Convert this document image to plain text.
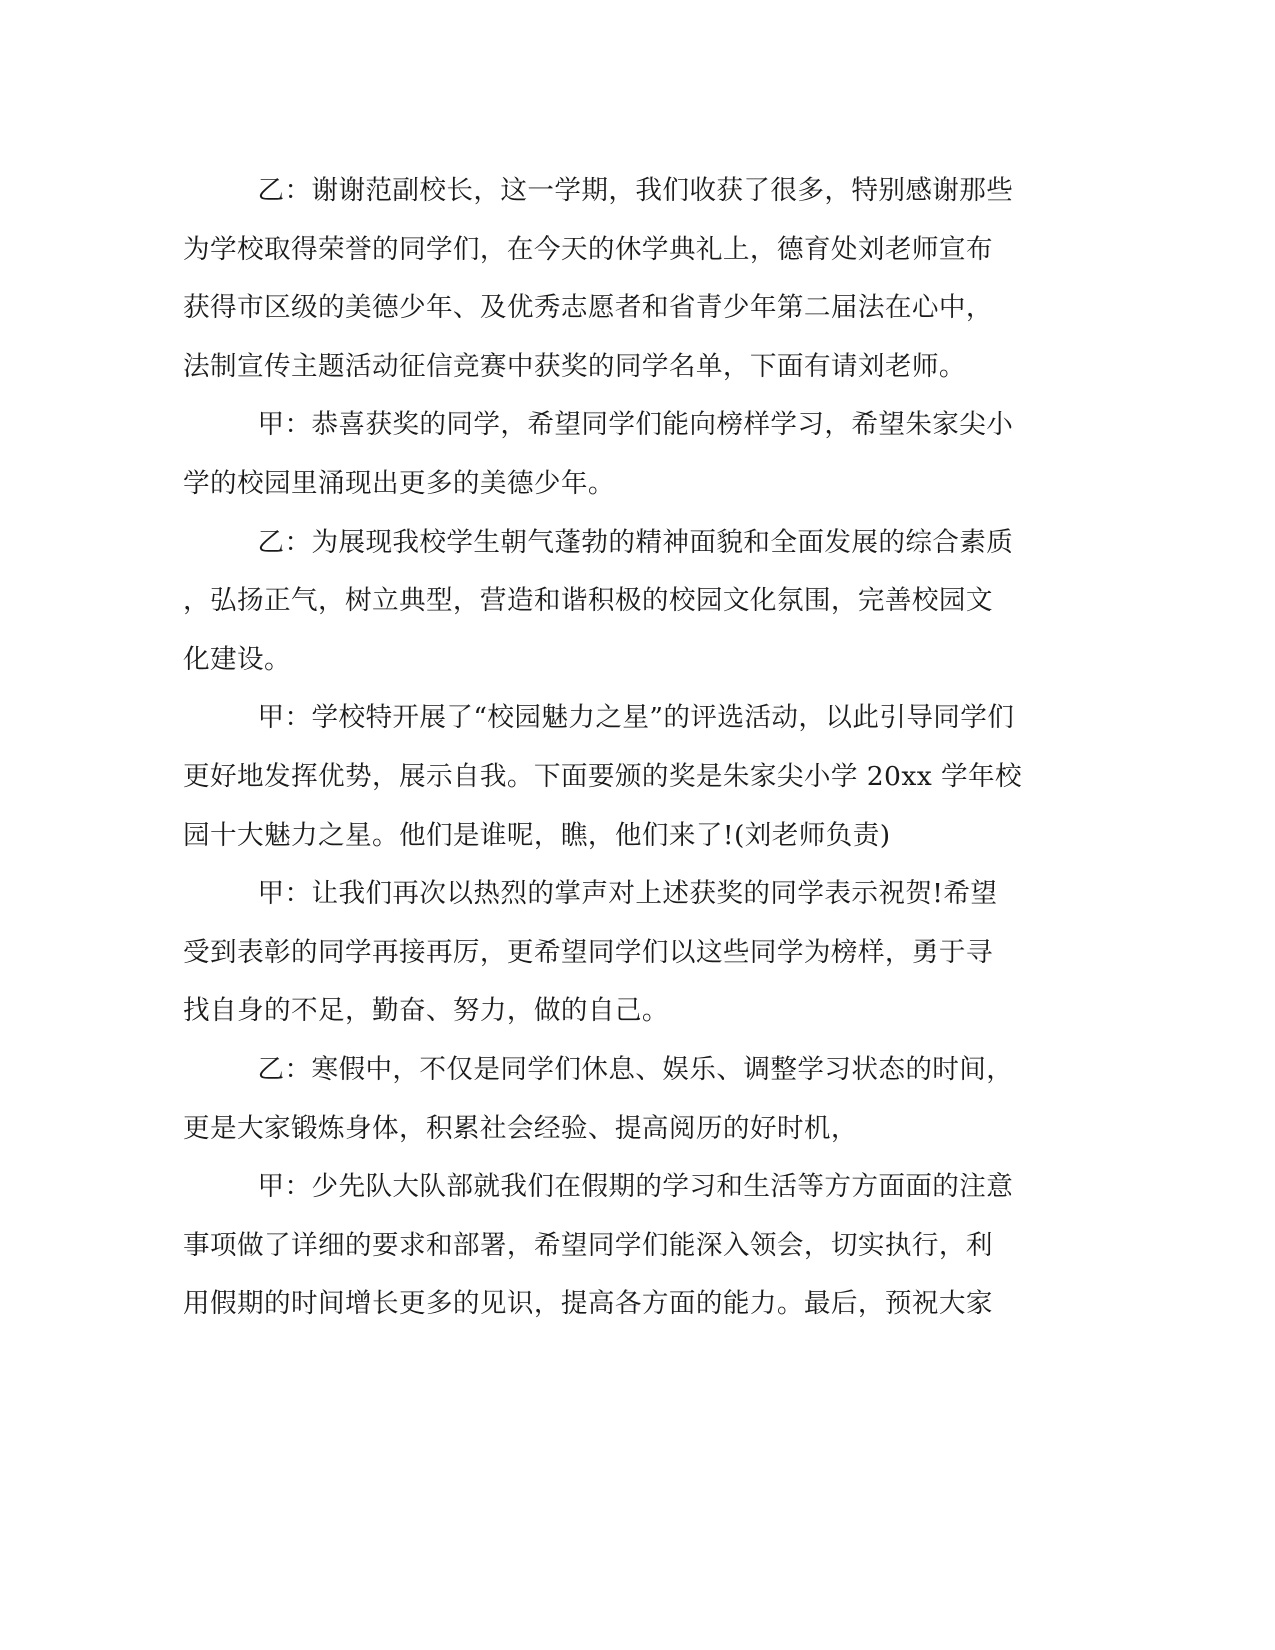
乙：谢谢范副校长，这一学期，我们收获了很多，特别感谢那些
为学校取得荣誉的同学们，在今天的休学典礼上，德育处刘老师宣布
获得市区级的美德少年、及优秀志愿者和省青少年第二届法在心中，
法制宣传主题活动征信竞赛中获奖的同学名单，下面有请刘老师。

甲：恭喜获奖的同学，希望同学们能向榜样学习，希望朱家尖小
学的校园里涌现出更多的美德少年。

乙：为展现我校学生朝气蓬勃的精神面貌和全面发展的综合素质
，弘扬正气，树立典型，营造和谐积极的校园文化氛围，完善校园文
化建设。

甲：学校特开展了“校园魅力之星”的评选活动，以此引导同学们
更好地发挥优势，展示自我。下面要颁的奖是朱家尖小学 20xx 学年校
园十大魅力之星。他们是谁呢，瞧，他们来了!(刘老师负责)

甲：让我们再次以热烈的掌声对上述获奖的同学表示祝贺!希望
受到表彰的同学再接再厉，更希望同学们以这些同学为榜样，勇于寻
找自身的不足，勤奋、努力，做的自己。

乙：寒假中，不仅是同学们休息、娱乐、调整学习状态的时间，
更是大家锻炼身体，积累社会经验、提高阅历的好时机，

甲：少先队大队部就我们在假期的学习和生活等方方面面的注意
事项做了详细的要求和部署，希望同学们能深入领会，切实执行，利
用假期的时间增长更多的见识，提高各方面的能力。最后，预祝大家
